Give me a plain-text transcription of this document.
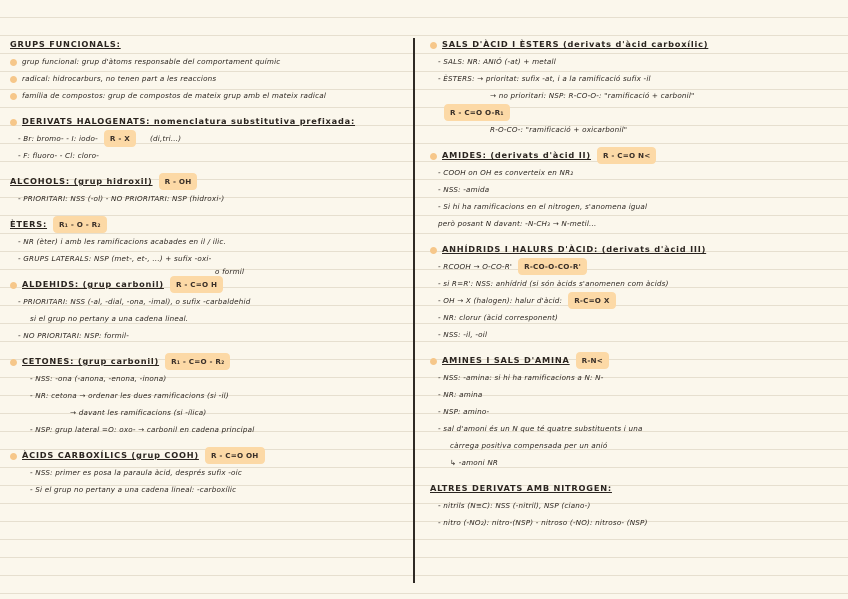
GRUPS FUNCIONALS:
grup funcional: grup d'àtoms responsable del comportament químic
radical: hidrocarburs, no tenen part a les reaccions
família de compostos: grup de compostos de mateix grup amb el mateix radical
DERIVATS HALOGENATS: nomenclatura substitutiva prefixada:
- Br: bromo- - I: iodo- R - X	(di,tri...)
- F: fluoro- - Cl: cloro-
ALCOHOLS: (grup hidroxil) R - OH
- PRIORITARI: NSS (-ol) - NO PRIORITARI: NSP (hidroxi-)
ÈTERS: R₁ - O - R₂
- NR (èter) i amb les ramificacions acabades en il / ilic.
- GRUPS LATERALS: NSP (met-, et-, ...) + sufix -oxi-
o formil
ALDEHIDS: (grup carbonil) R - C=O H
- PRIORITARI: NSS (-al, -dial, -ona, -imal), o sufix -carbaldehid
si el grup no pertany a una cadena lineal.
- NO PRIORITARI: NSP: formil-
CETONES: (grup carbonil) R₁ - C=O - R₂
- NSS: -ona (-anona, -enona, -inona)
- NR: cetona → ordenar les dues ramificacions (si -il)
→ davant les ramificacions (si -ílica)
- NSP: grup lateral =O: oxo- → carbonil en cadena principal
ÀCIDS CARBOXÍLICS (grup COOH) R - C=O OH
- NSS: primer es posa la paraula àcid, després sufix -oic
- Si el grup no pertany a una cadena lineal: -carboxílic
SALS D'ÀCID I ÈSTERS (derivats d'àcid carboxílic)
- SALS: NR: ANIÓ (-at) + metall
- ÈSTERS: → prioritat: sufix -at, i a la ramificació sufix -il
→ no prioritari: NSP: R-CO-O-: "ramificació + carbonil"
R - C=O O-R₁
R-O-CO-: "ramificació + oxicarbonil"
AMIDES: (derivats d'àcid II) R - C=O N<
- COOH on OH es converteix en NR₂
- NSS: -amida
- Si hi ha ramificacions en el nitrogen, s'anomena igual
però posant N davant: -N-CH₃ → N-metil...
ANHÍDRIDS I HALURS D'ÀCID: (derivats d'àcid III)
- RCOOH → O-CO-R' R-CO-O-CO-R'
- si R=R': NSS: anhídrid (si són àcids s'anomenen com àcids)
- OH → X (halogen): halur d'àcid: R-C=O X
- NR: clorur (àcid corresponent)
- NSS: -il, -oil
AMINES I SALS D'AMINA R-N<
- NSS: -amina: si hi ha ramificacions a N: N-
- NR: amina
- NSP: amino-
- sal d'amoni és un N que té quatre substituents i una
càrrega positiva compensada per un anió
↳ -amoni NR
ALTRES DERIVATS AMB NITROGEN:
- nitrils (N≡C): NSS (-nitril), NSP (ciano-)
- nitro (-NO₂): nitro-(NSP) - nitroso (-NO): nitroso- (NSP)
